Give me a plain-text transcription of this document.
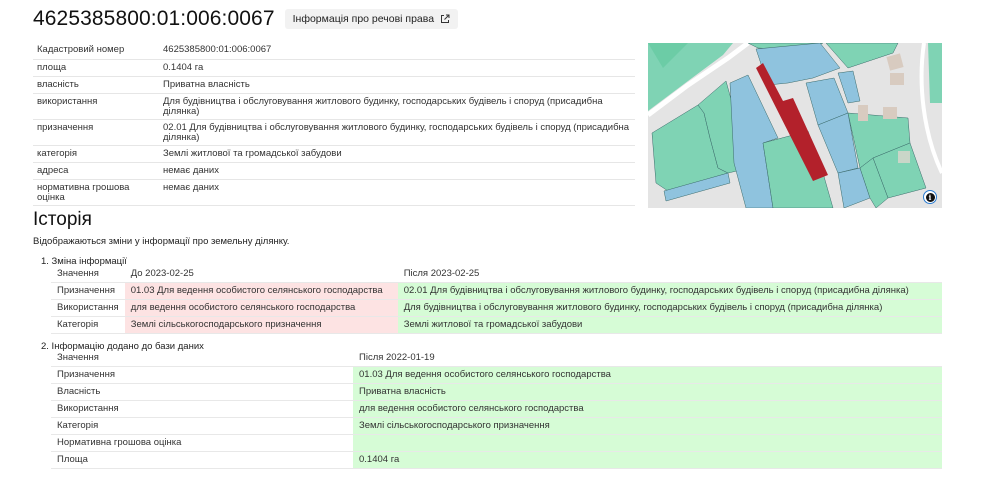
4625385800:01:006:0067 Інформація про речові права
Кадастровий номер	4625385800:01:006:0067
площа	0.1404 га
власність	Приватна власність
використання	Для будівництва і обслуговування житлового будинку, господарських будівель і споруд (присадибна ділянка)
призначення	02.01 Для будівництва і обслуговування житлового будинку, господарських будівель і споруд (присадибна ділянка)
категорія	Землі житлової та громадської забудови
адреса	немає даних
нормативна грошова оцінка	немає даних
i
Історія
Відображаються зміни у інформації про земельну ділянку.
1. Зміна інформації
Значення	До 2023-02-25	Після 2023-02-25
Призначення	01.03 Для ведення особистого селянського господарства	02.01 Для будівництва і обслуговування житлового будинку, господарських будівель і споруд (присадибна ділянка)
Використання	для ведення особистого селянського господарства	Для будівництва і обслуговування житлового будинку, господарських будівель і споруд (присадибна ділянка)
Категорія	Землі сільськогосподарського призначення	Землі житлової та громадської забудови
2. Інформацію додано до бази даних
Значення	Після 2022-01-19
Призначення	01.03 Для ведення особистого селянського господарства
Власність	Приватна власність
Використання	для ведення особистого селянського господарства
Категорія	Землі сільськогосподарського призначення
Нормативна грошова оцінка	
Площа	0.1404 га
